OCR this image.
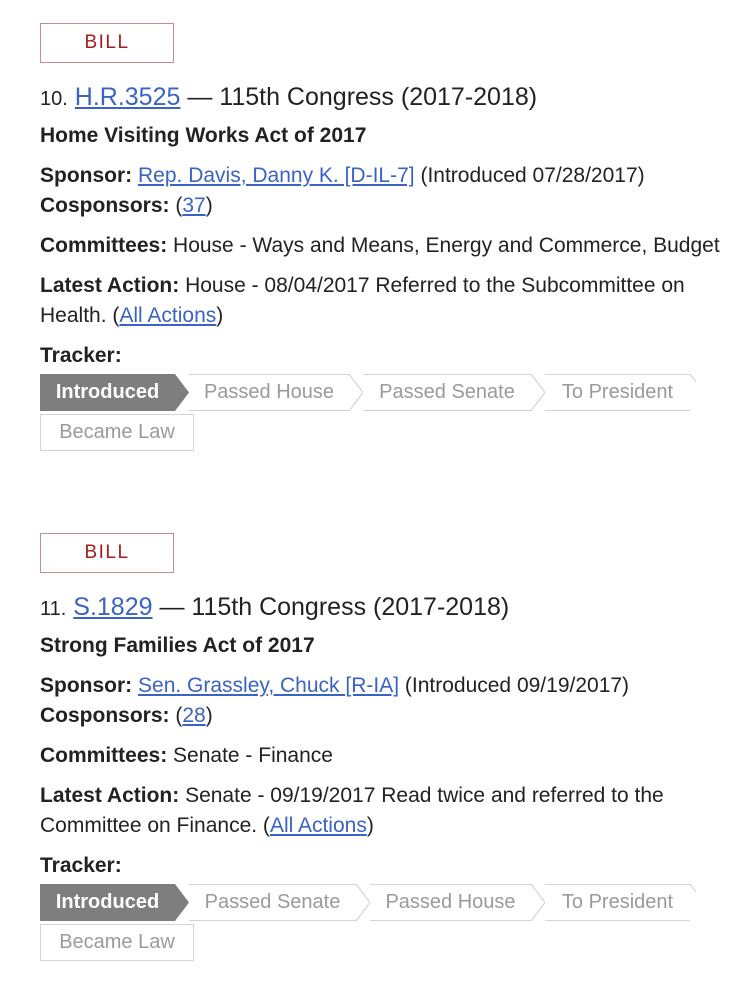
BILL
10. H.R.3525 — 115th Congress (2017-2018)
Home Visiting Works Act of 2017
Sponsor: Rep. Davis, Danny K. [D-IL-7] (Introduced 07/28/2017) Cosponsors: (37)
Committees: House - Ways and Means, Energy and Commerce, Budget
Latest Action: House - 08/04/2017 Referred to the Subcommittee on Health. (All Actions)
Tracker:
Introduced	Passed House	Passed Senate	To President
Became Law
BILL
11. S.1829 — 115th Congress (2017-2018)
Strong Families Act of 2017
Sponsor: Sen. Grassley, Chuck [R-IA] (Introduced 09/19/2017) Cosponsors: (28)
Committees: Senate - Finance
Latest Action: Senate - 09/19/2017 Read twice and referred to the Committee on Finance. (All Actions)
Tracker:
Introduced	Passed Senate	Passed House	To President
Became Law
